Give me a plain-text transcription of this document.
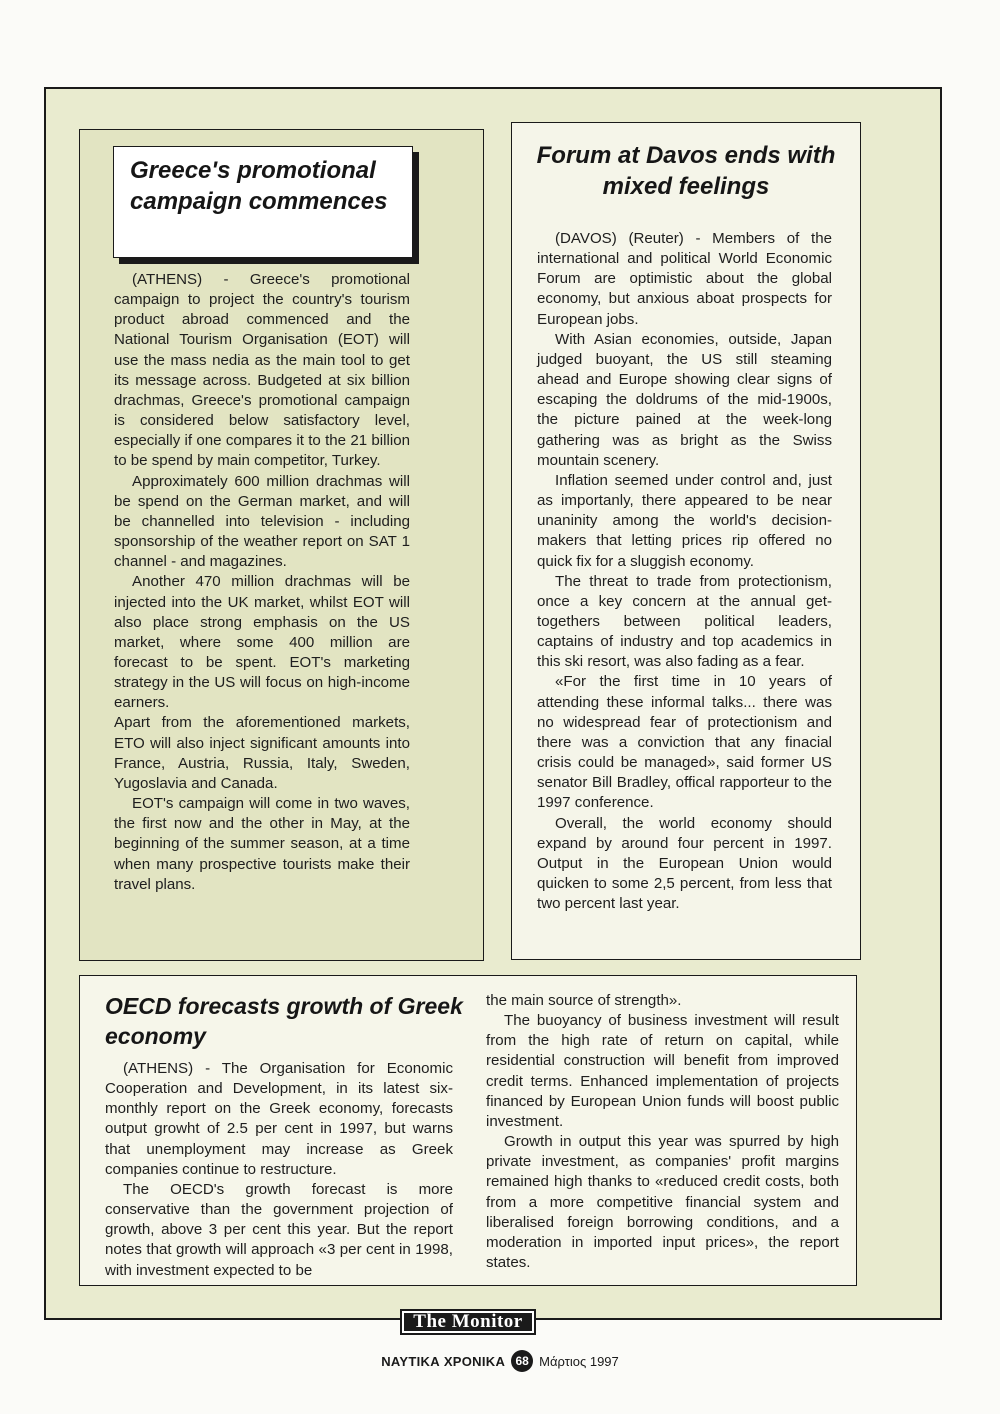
Greece's promotional campaign commences

(ATHENS) - Greece's promotional campaign to project the country's tourism product abroad commenced and the National Tourism Organisation (EOT) will use the mass nedia as the main tool to get its message across. Budgeted at six billion drachmas, Greece's promotional campaign is considered below satisfactory level, especially if one compares it to the 21 billion to be spend by main competitor, Turkey.

Approximately 600 million drachmas will be spend on the German market, and will be channelled into television - including sponsorship of the weather report on SAT 1 channel - and magazines.

Another 470 million drachmas will be injected into the UK market, whilst EOT will also place strong emphasis on the US market, where some 400 million are forecast to be spent. EOT's marketing strategy in the US will focus on high-income earners.

Apart from the aforementioned markets, ETO will also inject significant amounts into France, Austria, Russia, Italy, Sweden, Yugoslavia and Canada.

EOT's campaign will come in two waves, the first now and the other in May, at the beginning of the summer season, at a time when many prospective tourists make their travel plans.

Forum at Davos ends with mixed feelings

(DAVOS) (Reuter) - Members of the international and political World Economic Forum are optimistic about the global economy, but anxious aboat prospects for European jobs.

With Asian economies, outside, Japan judged buoyant, the US still steaming ahead and Europe showing clear signs of escaping the doldrums of the mid-1900s, the picture pained at the week-long gathering was as bright as the Swiss mountain scenery.

Inflation seemed under control and, just as importanly, there appeared to be near unaninity among the world's decision-makers that letting prices rip offered no quick fix for a sluggish economy.

The threat to trade from protectionism, once a key concern at the annual get-togethers between political leaders, captains of industry and top academics in this ski resort, was also fading as a fear.

«For the first time in 10 years of attending these informal talks... there was no widespread fear of protectionism and there was a conviction that any finacial crisis could be managed», said former US senator Bill Bradley, offical rapporteur to the 1997 conference.

Overall, the world economy should expand by around four percent in 1997. Output in the European Union would quicken to some 2,5 percent, from less that two percent last year.

OECD forecasts growth of Greek economy

(ATHENS) - The Organisation for Economic Cooperation and Development, in its latest six-monthly report on the Greek economy, forecasts output growht of 2.5 per cent in 1997, but warns that unemployment may increase as Greek companies continue to restructure.

The OECD's growth forecast is more conservative than the government projection of growth, above 3 per cent this year. But the report notes that growth will approach «3 per cent in 1998, with investment expected to be

the main source of strength».

The buoyancy of business investment will result from the high rate of return on capital, while residential construction will benefit from improved credit terms. Enhanced implementation of projects financed by European Union funds will boost public investment.

Growth in output this year was spurred by high private investment, as companies' profit margins remained high thanks to «reduced credit costs, both from a more competitive financial system and liberalised foreign borrowing conditions, and a moderation in imported input prices», the report states.

The Monitor
ΝΑΥΤΙΚΑ ΧΡΟΝΙΚΑ 68 Μάρτιος 1997
